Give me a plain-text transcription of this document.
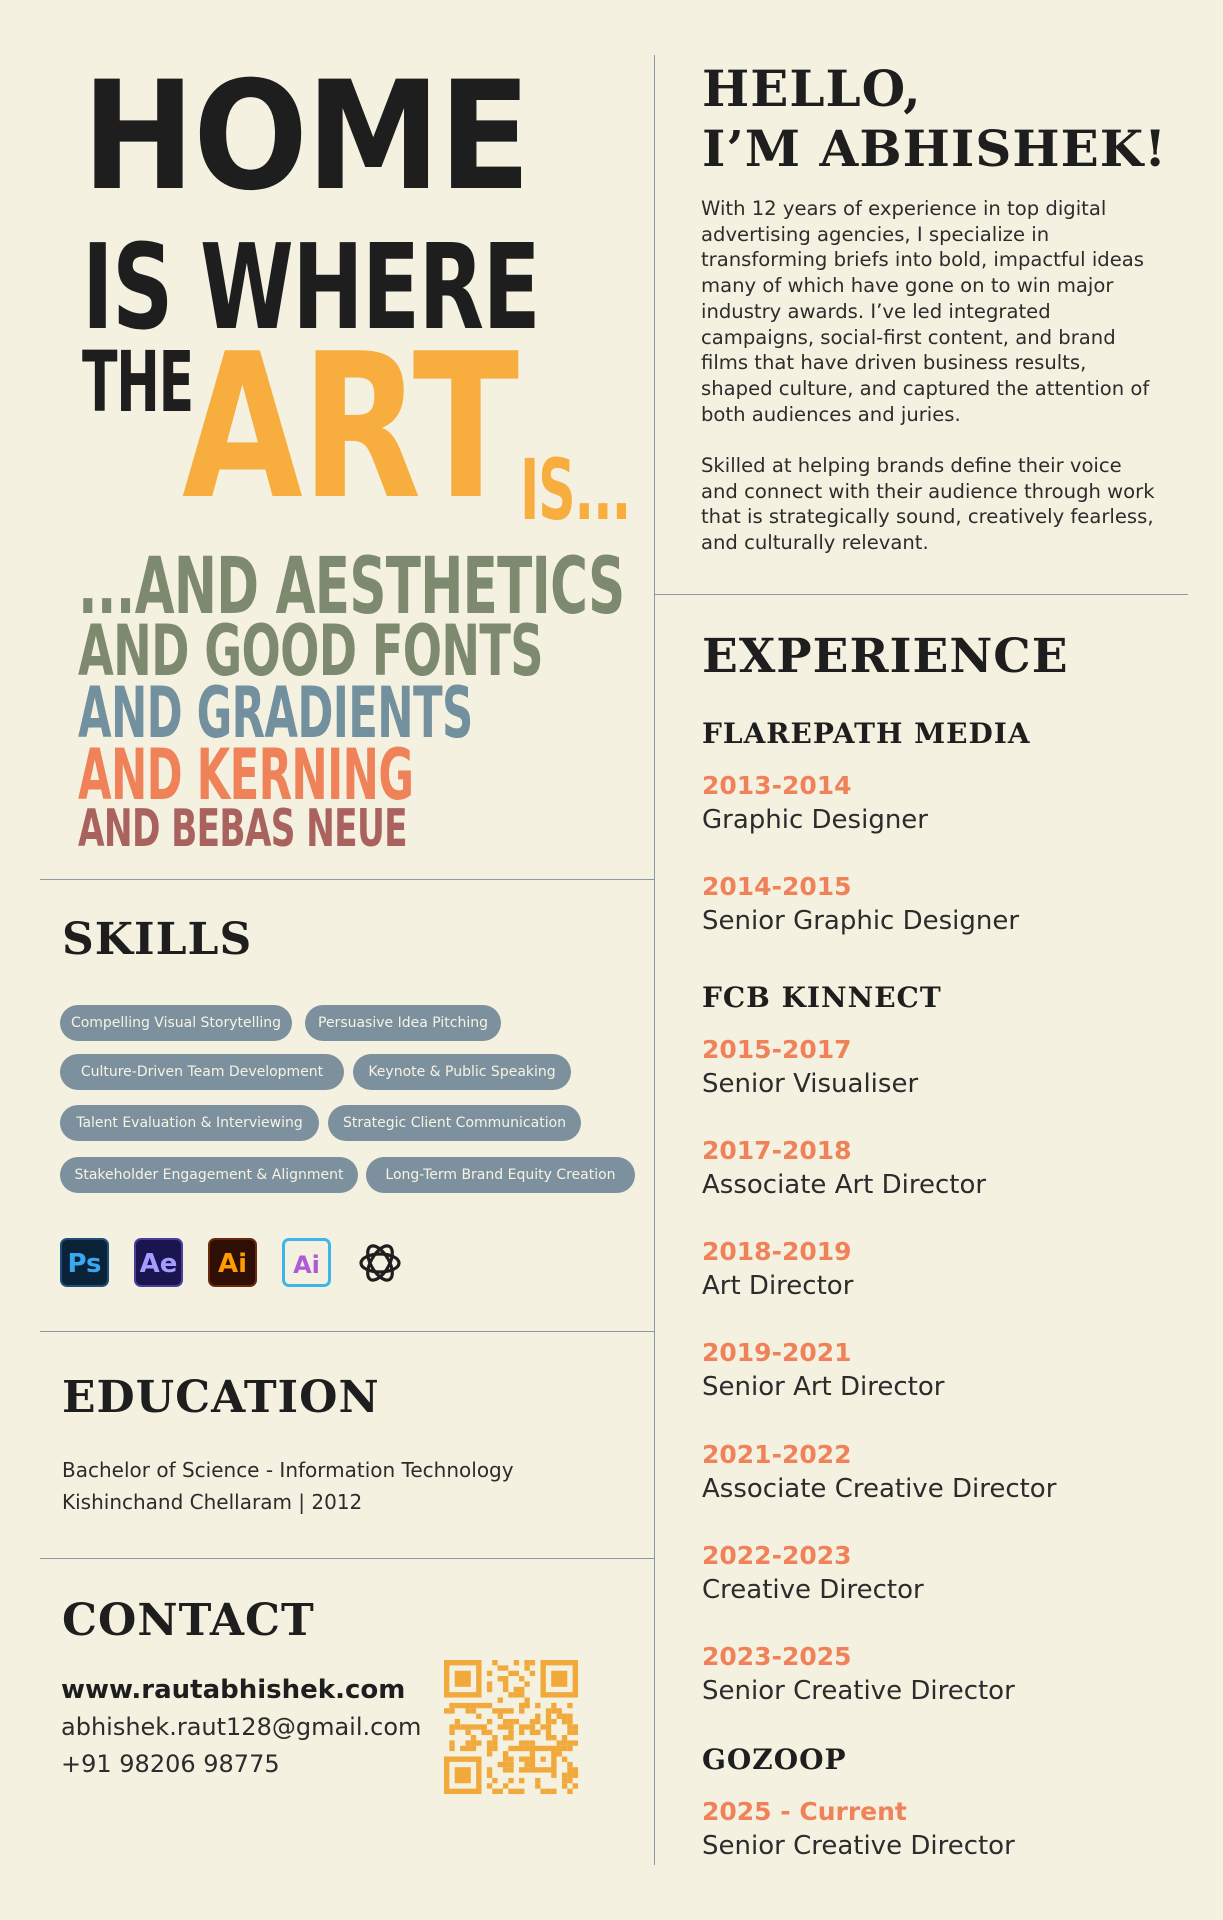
HOME
IS WHERE
THE
ART IS...
...AND AESTHETICS
AND GOOD FONTS
AND GRADIENTS
AND KERNING
AND BEBAS NEUE
SKILLS
Compelling Visual Storytelling	Persuasive Idea Pitching
Culture-Driven Team Development	Keynote & Public Speaking
Talent Evaluation & Interviewing	Strategic Client Communication
Stakeholder Engagement & Alignment	Long-Term Brand Equity Creation
Ps Ae	Ai	Ai
EDUCATION
Bachelor of Science - Information Technology
Kishinchand Chellaram | 2012
CONTACT
www.rautabhishek.com
abhishek.raut128@gmail.com
+91 98206 98775
HELLO,
I’M ABHISHEK!
With 12 years of experience in top digital advertising agencies, I specialize in transforming briefs into bold, impactful ideas many of which have gone on to win major industry awards. I’ve led integrated campaigns, social-first content, and brand films that have driven business results, shaped culture, and captured the attention of both audiences and juries.
Skilled at helping brands define their voice and connect with their audience through work that is strategically sound, creatively fearless, and culturally relevant.
EXPERIENCE
FLAREPATH MEDIA
2013-2014
Graphic Designer
2014-2015
Senior Graphic Designer
FCB KINNECT
2015-2017
Senior Visualiser
2017-2018
Associate Art Director
2018-2019
Art Director
2019-2021
Senior Art Director
2021-2022
Associate Creative Director
2022-2023
Creative Director
2023-2025
Senior Creative Director
GOZOOP
2025 - Current
Senior Creative Director
